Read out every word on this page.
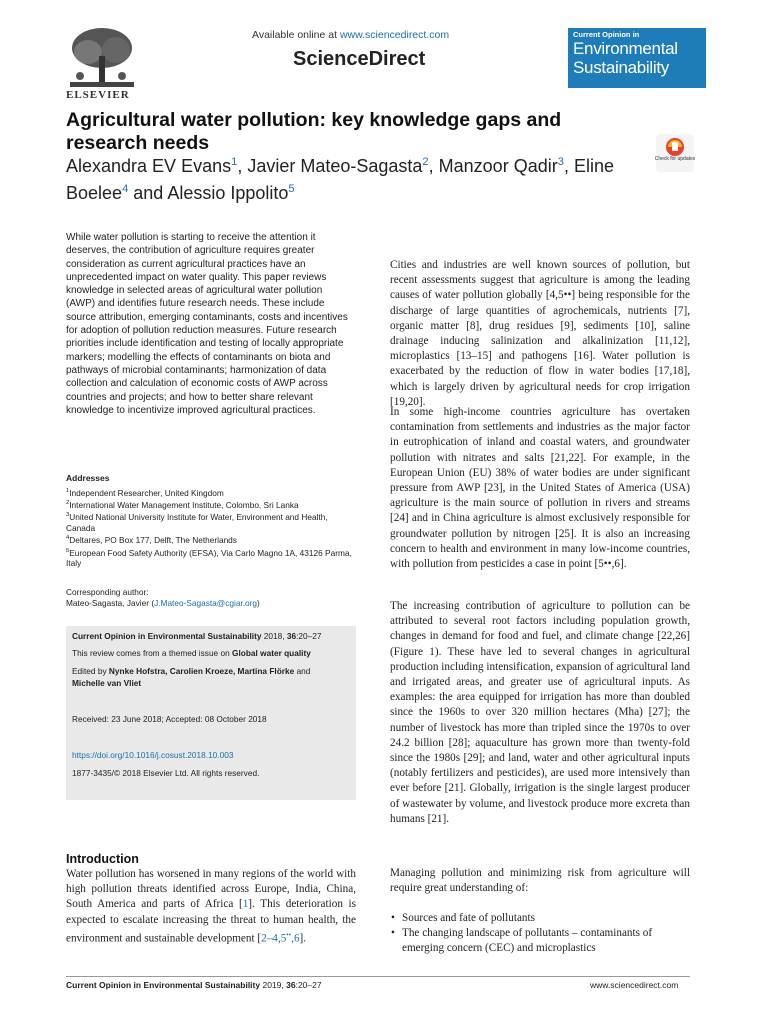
ELSEVIER
Available online at www.sciencedirect.com
ScienceDirect
Current Opinion in
Environmental
Sustainability
Agricultural water pollution: key knowledge gaps and research needs
Alexandra EV Evans$^1$, Javier Mateo-Sagasta$^2$, Manzoor Qadir$^3$, Eline Boelee$^4$ and Alessio Ippolito$^5$
Check for updates
While water pollution is starting to receive the attention it deserves, the contribution of agriculture requires greater consideration as current agricultural practices have an unprecedented impact on water quality. This paper reviews knowledge in selected areas of agricultural water pollution (AWP) and identifies future research needs. These include source attribution, emerging contaminants, costs and incentives for adoption of pollution reduction measures. Future research priorities include identification and testing of locally appropriate markers; modelling the effects of contaminants on biota and pathways of microbial contaminants; harmonization of data collection and calculation of economic costs of AWP across countries and projects; and how to better share relevant knowledge to incentivize improved agricultural practices.
Addresses
$^1$Independent Researcher, United Kingdom
$^2$International Water Management Institute, Colombo, Sri Lanka
$^3$United National University Institute for Water, Environment and Health, Canada
$^4$Deltares, PO Box 177, Delft, The Netherlands
$^5$European Food Safety Authority (EFSA), Via Carlo Magno 1A, 43126 Parma, Italy
Corresponding author:
Mateo-Sagasta, Javier (J.Mateo-Sagasta@cgiar.org)
Current Opinion in Environmental Sustainability 2018, 36:20–27
This review comes from a themed issue on Global water quality
Edited by Nynke Hofstra, Carolien Kroeze, Martina Flörke and
Michelle van Vliet
Received: 23 June 2018; Accepted: 08 October 2018
https://doi.org/10.1016/j.cosust.2018.10.003
1877-3435/© 2018 Elsevier Ltd. All rights reserved.
Introduction
Water pollution has worsened in many regions of the world with high pollution threats identified across Europe, India, China, South America and parts of Africa [1]. This deterioration is expected to escalate increasing the threat to human health, the environment and sustainable development [2–4,5••,6].
Cities and industries are well known sources of pollution, but recent assessments suggest that agriculture is among the leading causes of water pollution globally [4,5••] being responsible for the discharge of large quantities of agrochemicals, nutrients [7], organic matter [8], drug residues [9], sediments [10], saline drainage inducing salinization and alkalinization [11,12], microplastics [13–15] and pathogens [16]. Water pollution is exacerbated by the reduction of flow in water bodies [17,18], which is largely driven by agricultural needs for crop irrigation [19,20].
In some high-income countries agriculture has overtaken contamination from settlements and industries as the major factor in eutrophication of inland and coastal waters, and groundwater pollution with nitrates and salts [21,22]. For example, in the European Union (EU) 38% of water bodies are under significant pressure from AWP [23], in the United States of America (USA) agriculture is the main source of pollution in rivers and streams [24] and in China agriculture is almost exclusively responsible for groundwater pollution by nitrogen [25]. It is also an increasing concern to health and environment in many low-income countries, with pollution from pesticides a case in point [5••,6].
The increasing contribution of agriculture to pollution can be attributed to several root factors including population growth, changes in demand for food and fuel, and climate change [22,26] (Figure 1). These have led to several changes in agricultural production including intensification, expansion of agricultural land and irrigated areas, and greater use of agricultural inputs. As examples: the area equipped for irrigation has more than doubled since the 1960s to over 320 million hectares (Mha) [27]; the number of livestock has more than tripled since the 1970s to over 24.2 billion [28]; aquaculture has grown more than twenty-fold since the 1980s [29]; and land, water and other agricultural inputs (notably fertilizers and pesticides), are used more intensively than ever before [21]. Globally, irrigation is the single largest producer of wastewater by volume, and livestock produce more excreta than humans [21].
Managing pollution and minimizing risk from agriculture will require great understanding of:
• Sources and fate of pollutants
• The changing landscape of pollutants – contaminants of emerging concern (CEC) and microplastics
Current Opinion in Environmental Sustainability 2019, 36:20–27	www.sciencedirect.com
